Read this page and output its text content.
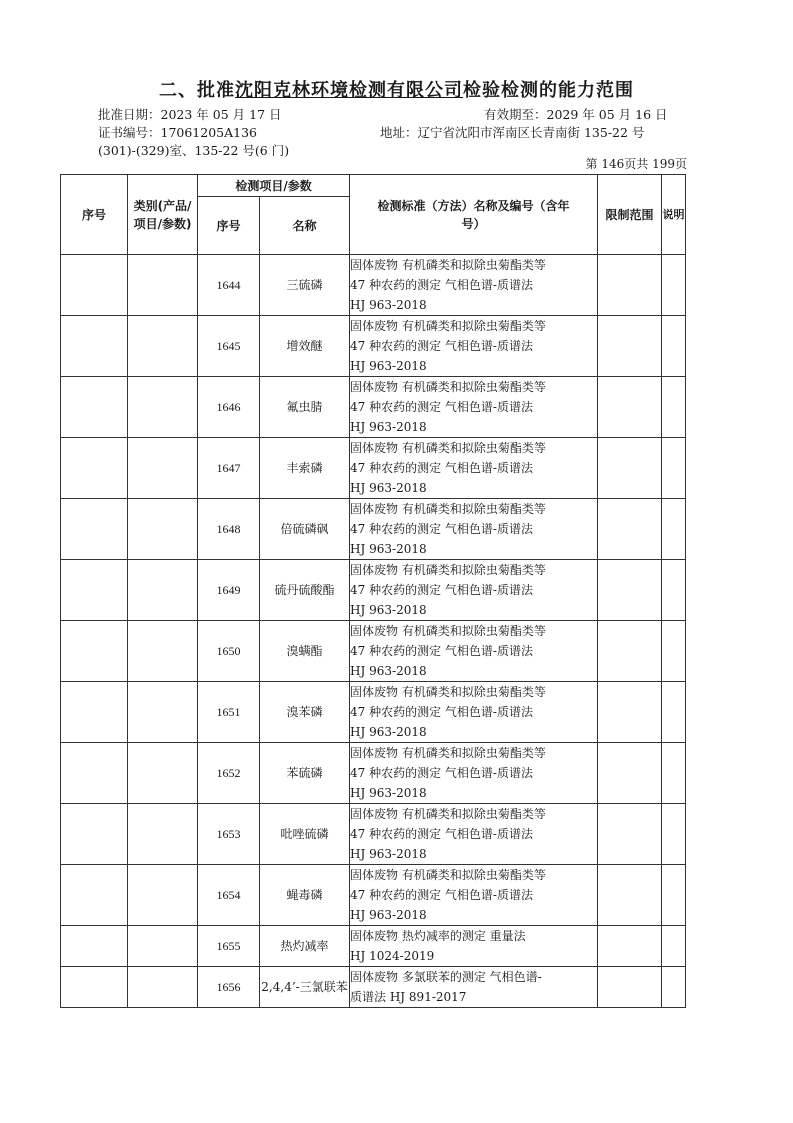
二、批准沈阳克林环境检测有限公司检验检测的能力范围
批准日期：2023 年 05 月 17 日	有效期至：2029 年 05 月 16 日
证书编号：17061205A136	地址：辽宁省沈阳市浑南区长青南街 135-22 号
(301)-(329)室、135-22 号(6 门)
第 146页共 199页
序号	类别(产品/项目/参数)	检测项目/参数		检测标准（方法）名称及编号（含年号）	限制范围	说明
		序号	名称			
		1644	三硫磷	固体废物 有机磷类和拟除虫菊酯类等
47 种农药的测定 气相色谱-质谱法
HJ 963-2018		

		1645	增效醚	固体废物 有机磷类和拟除虫菊酯类等
47 种农药的测定 气相色谱-质谱法
HJ 963-2018		

		1646	氟虫腈	固体废物 有机磷类和拟除虫菊酯类等
47 种农药的测定 气相色谱-质谱法
HJ 963-2018		

		1647	丰索磷	固体废物 有机磷类和拟除虫菊酯类等
47 种农药的测定 气相色谱-质谱法
HJ 963-2018		

		1648	倍硫磷砜	固体废物 有机磷类和拟除虫菊酯类等
47 种农药的测定 气相色谱-质谱法
HJ 963-2018		

		1649	硫丹硫酸酯	固体废物 有机磷类和拟除虫菊酯类等
47 种农药的测定 气相色谱-质谱法
HJ 963-2018		

		1650	溴螨酯	固体废物 有机磷类和拟除虫菊酯类等
47 种农药的测定 气相色谱-质谱法
HJ 963-2018		

		1651	溴苯磷	固体废物 有机磷类和拟除虫菊酯类等
47 种农药的测定 气相色谱-质谱法
HJ 963-2018		

		1652	苯硫磷	固体废物 有机磷类和拟除虫菊酯类等
47 种农药的测定 气相色谱-质谱法
HJ 963-2018		

		1653	吡唑硫磷	固体废物 有机磷类和拟除虫菊酯类等
47 种农药的测定 气相色谱-质谱法
HJ 963-2018		

		1654	蝇毒磷	固体废物 有机磷类和拟除虫菊酯类等
47 种农药的测定 气相色谱-质谱法
HJ 963-2018		

		1655	热灼减率	固体废物 热灼减率的测定 重量法
HJ 1024-2019		

		1656	2,4,4’-三氯联苯	固体废物 多氯联苯的测定 气相色谱-
质谱法 HJ 891-2017		
